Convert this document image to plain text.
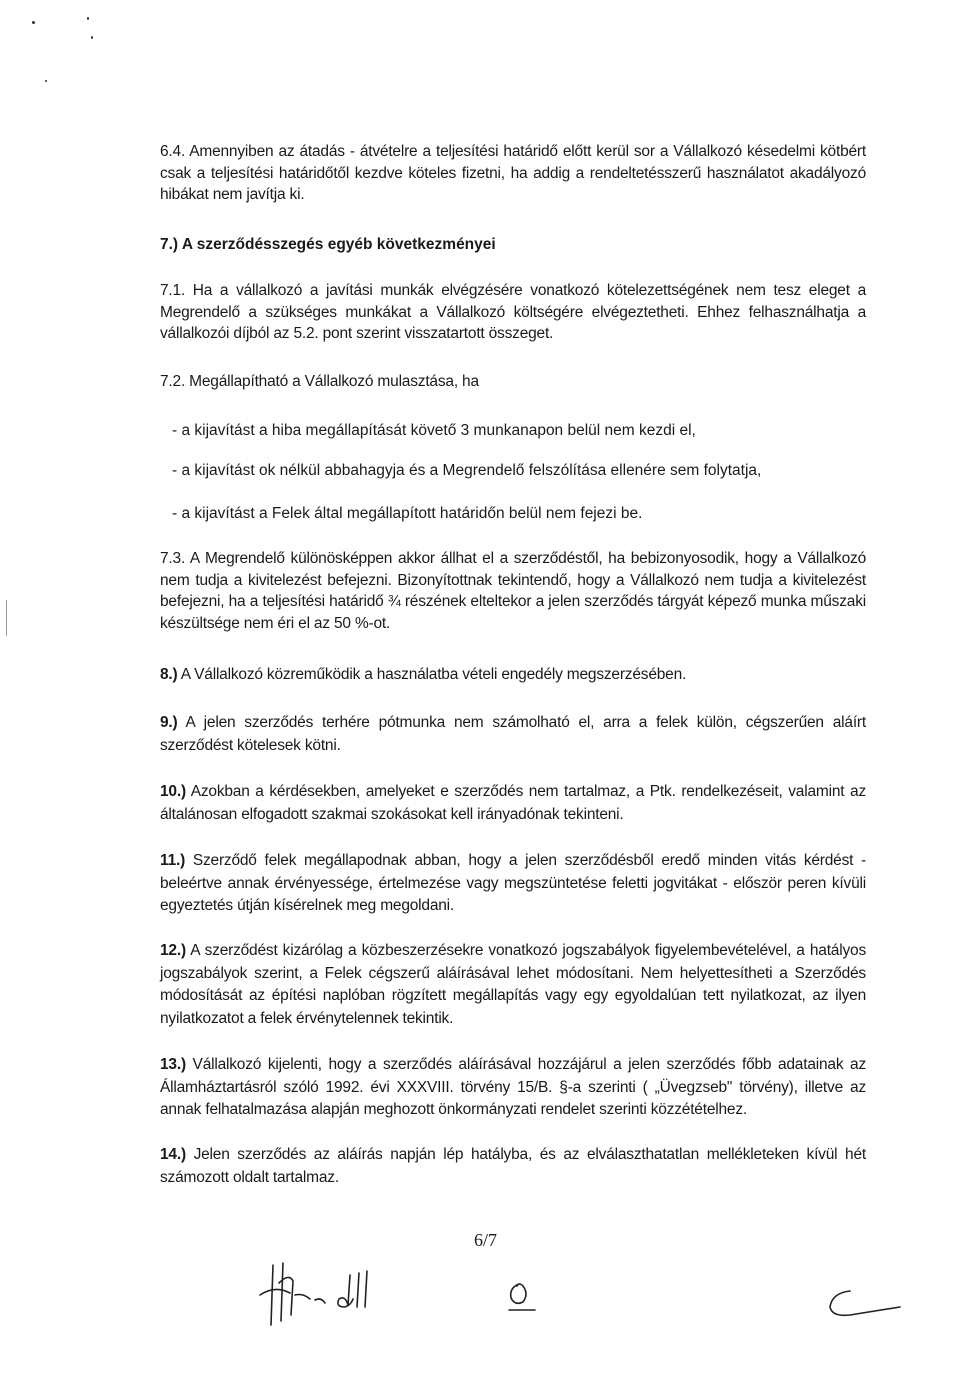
6.4. Amennyiben az átadás - átvételre a teljesítési határidő előtt kerül sor a Vállalkozó késedelmi kötbért csak a teljesítési határidőtől kezdve köteles fizetni, ha addig a rendeltetésszerű használatot akadályozó hibákat nem javítja ki.
7.) A szerződésszegés egyéb következményei
7.1. Ha a vállalkozó a javítási munkák elvégzésére vonatkozó kötelezettségének nem tesz eleget a Megrendelő a szükséges munkákat a Vállalkozó költségére elvégeztetheti. Ehhez felhasználhatja a vállalkozói díjból az 5.2. pont szerint visszatartott összeget.
7.2. Megállapítható a Vállalkozó mulasztása, ha
- a kijavítást a hiba megállapítását követő 3 munkanapon belül nem kezdi el,
- a kijavítást ok nélkül abbahagyja és a Megrendelő felszólítása ellenére sem folytatja,
- a kijavítást a Felek által megállapított határidőn belül nem fejezi be.
7.3. A Megrendelő különösképpen akkor állhat el a szerződéstől, ha bebizonyosodik, hogy a Vállalkozó nem tudja a kivitelezést befejezni. Bizonyítottnak tekintendő, hogy a Vállalkozó nem tudja a kivitelezést befejezni, ha a teljesítési határidő ¾ részének elteltekor a jelen szerződés tárgyát képező munka műszaki készültsége nem éri el az 50 %-ot.
8.) A Vállalkozó közreműködik a használatba vételi engedély megszerzésében.
9.) A jelen szerződés terhére pótmunka nem számolható el, arra a felek külön, cégszerűen aláírt szerződést kötelesek kötni.
10.) Azokban a kérdésekben, amelyeket e szerződés nem tartalmaz, a Ptk. rendelkezéseit, valamint az általánosan elfogadott szakmai szokásokat kell irányadónak tekinteni.
11.) Szerződő felek megállapodnak abban, hogy a jelen szerződésből eredő minden vitás kérdést - beleértve annak érvényessége, értelmezése vagy megszüntetése feletti jogvitákat - először peren kívüli egyeztetés útján kísérelnek meg megoldani.
12.) A szerződést kizárólag a közbeszerzésekre vonatkozó jogszabályok figyelembevételével, a hatályos jogszabályok szerint, a Felek cégszerű aláírásával lehet módosítani. Nem helyettesítheti a Szerződés módosítását az építési naplóban rögzített megállapítás vagy egy egyoldalúan tett nyilatkozat, az ilyen nyilatkozatot a felek érvénytelennek tekintik.
13.) Vállalkozó kijelenti, hogy a szerződés aláírásával hozzájárul a jelen szerződés főbb adatainak az Államháztartásról szóló 1992. évi XXXVIII. törvény 15/B. §-a szerinti ( „Üvegzseb" törvény), illetve az annak felhatalmazása alapján meghozott önkormányzati rendelet szerinti közzétételhez.
14.) Jelen szerződés az aláírás napján lép hatályba, és az elválaszthatatlan mellékleteken kívül hét számozott oldalt tartalmaz.
6/7
